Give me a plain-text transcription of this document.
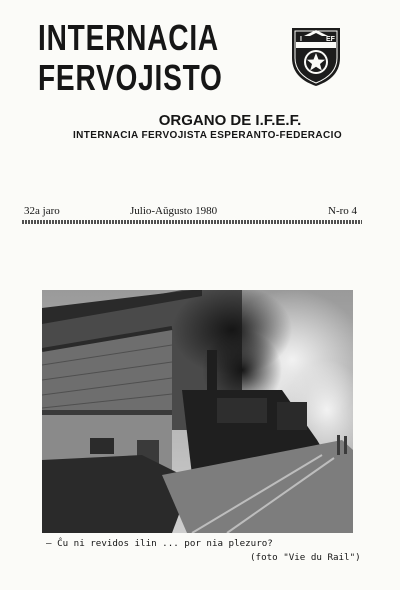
INTERNACIA
FERVOJISTO
I	EF

ORGANO DE I.F.E.F.

INTERNACIA FERVOJISTA ESPERANTO-FEDERACIO

32a jaro	Julio-Aŭgusto 1980	N-ro 4

– Ĉu ni revidos ilin ... por nia plezuro?

(foto "Vie du Rail")
